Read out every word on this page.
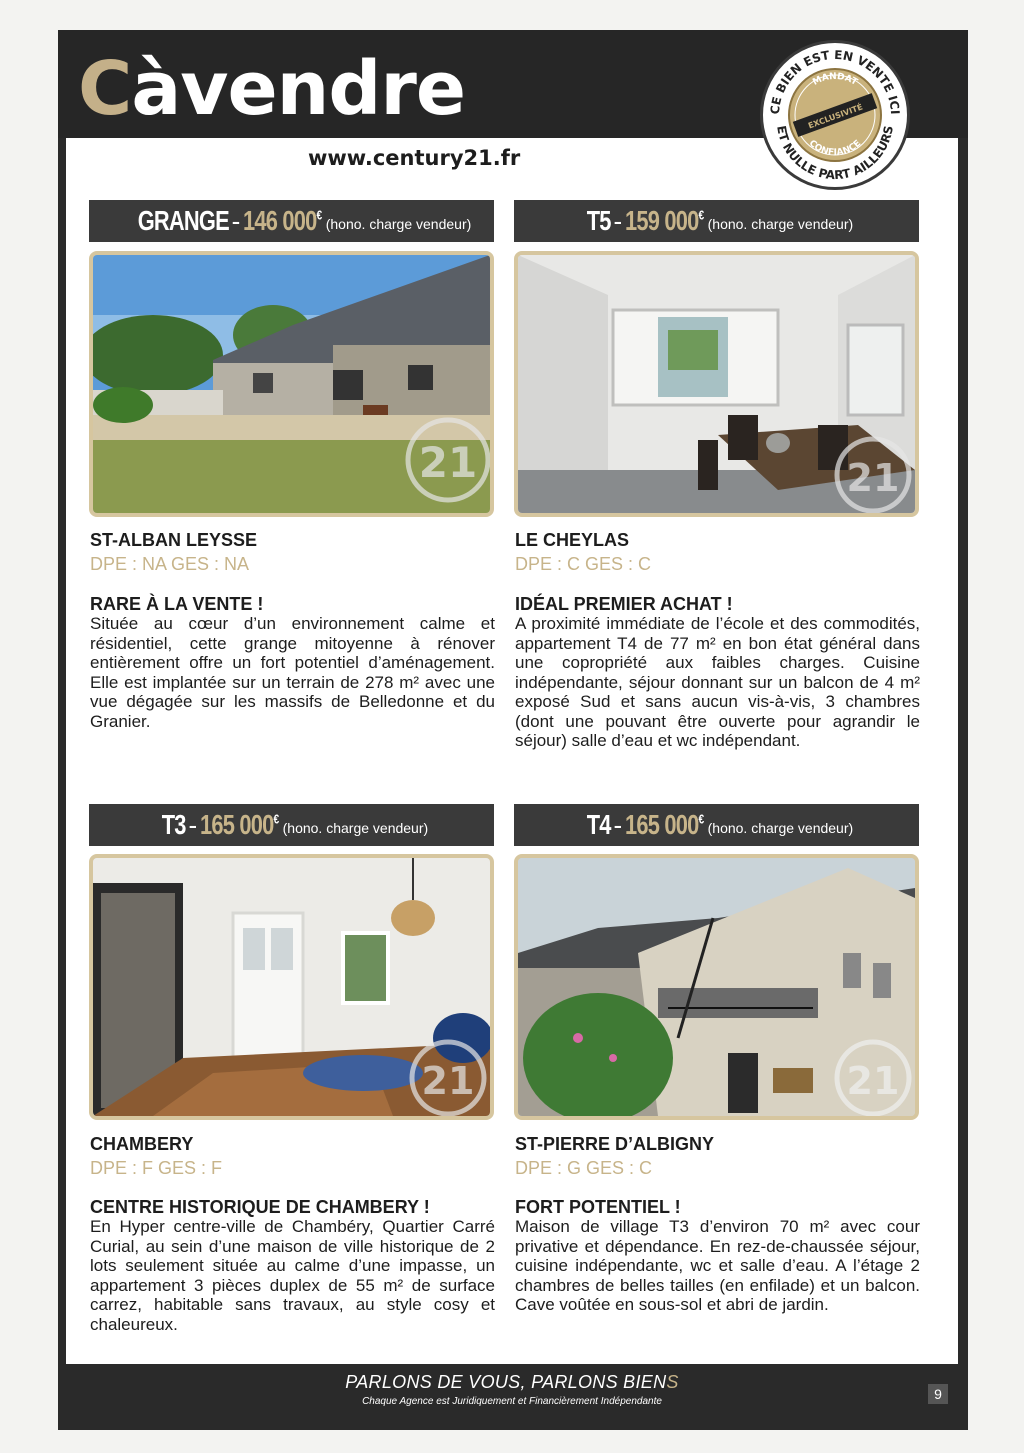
Càvendre
www.century21.fr
CE BIEN EST EN VENTE ICI
ET NULLE PART AILLEURS
MANDAT
CONFIANCE
EXCLUSIVITÉ
GRANGE - 146 000€
(hono. charge vendeur)
21
ST-ALBAN LEYSSE
DPE : NA GES : NA
RARE À LA VENTE !
Située au cœur d’un environnement calme et résidentiel, cette grange mitoyenne à rénover entièrement offre un fort potentiel d’aménagement. Elle est implantée sur un terrain de 278 m² avec une vue dégagée sur les massifs de Belledonne et du Granier.
T5 - 159 000€
(hono. charge vendeur)
21
LE CHEYLAS
DPE : C GES : C
IDÉAL PREMIER ACHAT !
A proximité immédiate de l’école et des commodités, appartement T4 de 77 m² en bon état général dans une copropriété aux faibles charges. Cuisine indépendante, séjour donnant sur un balcon de 4 m² exposé Sud et sans aucun vis-à-vis, 3 chambres (dont une pouvant être ouverte pour agrandir le séjour) salle d’eau et wc indépendant.
T3 - 165 000€
(hono. charge vendeur)
21
CHAMBERY
DPE : F GES : F
CENTRE HISTORIQUE DE CHAMBERY !
En Hyper centre-ville de Chambéry, Quartier Carré Curial, au sein d’une maison de ville historique de 2 lots seulement située au calme d’une impasse, un appartement 3 pièces duplex de 55 m² de surface carrez, habitable sans travaux, au style cosy et chaleureux.
T4 - 165 000€
(hono. charge vendeur)
21
ST-PIERRE D’ALBIGNY
DPE : G GES : C
FORT POTENTIEL !
Maison de village T3 d’environ 70 m² avec cour privative et dépendance. En rez-de-chaussée séjour, cuisine indépendante, wc et salle d’eau. A l’étage 2 chambres de belles tailles (en enfilade) et un balcon. Cave voûtée en sous-sol et abri de jardin.
PARLONS DE VOUS, PARLONS BIENS
Chaque Agence est Juridiquement et Financièrement Indépendante	9
